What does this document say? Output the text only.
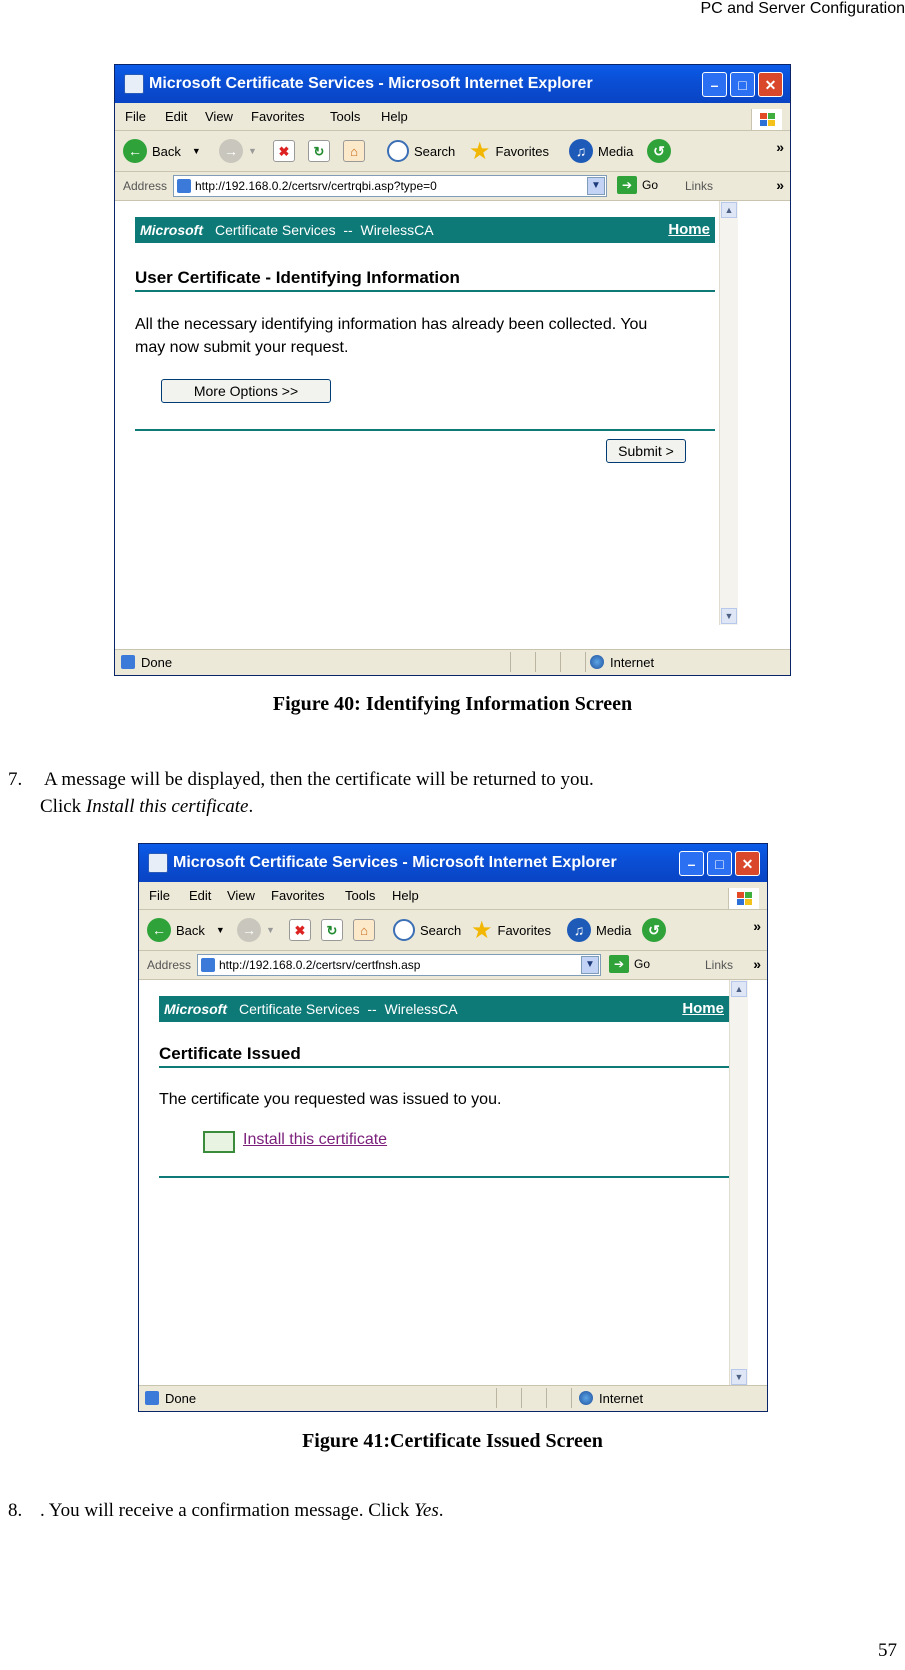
PC and Server Configuration
Microsoft Certificate Services - Microsoft Internet Explorer	–	□	✕
File Edit View Favorites Tools Help
← Back ▼	→	▼	✖	↻	⌂	Search ★ Favorites	♫ Media	↺	»
Address http://192.168.0.2/certsrv/certrqbi.asp?type=0	▼	➔ Go Links	»
Microsoft Certificate Services  --  WirelessCA	Home
User Certificate - Identifying Information
All the necessary identifying information has already been collected. You
may now submit your request.
More Options >>
Submit >
▲
▼
Done	Internet
Figure 40: Identifying Information Screen
7. A message will be displayed, then the certificate will be returned to you.
Click Install this certificate.
Microsoft Certificate Services - Microsoft Internet Explorer	–	□	✕
File Edit View Favorites Tools Help
← Back ▼	→	▼	✖	↻	⌂	Search ★ Favorites	♫ Media	↺	»
Address http://192.168.0.2/certsrv/certfnsh.asp	▼	➔ Go	Links »
Microsoft Certificate Services  --  WirelessCA	Home
Certificate Issued
The certificate you requested was issued to you.
Install this certificate
▲
▼
Done	Internet
Figure 41:Certificate Issued Screen
8. . You will receive a confirmation message. Click Yes.
57
